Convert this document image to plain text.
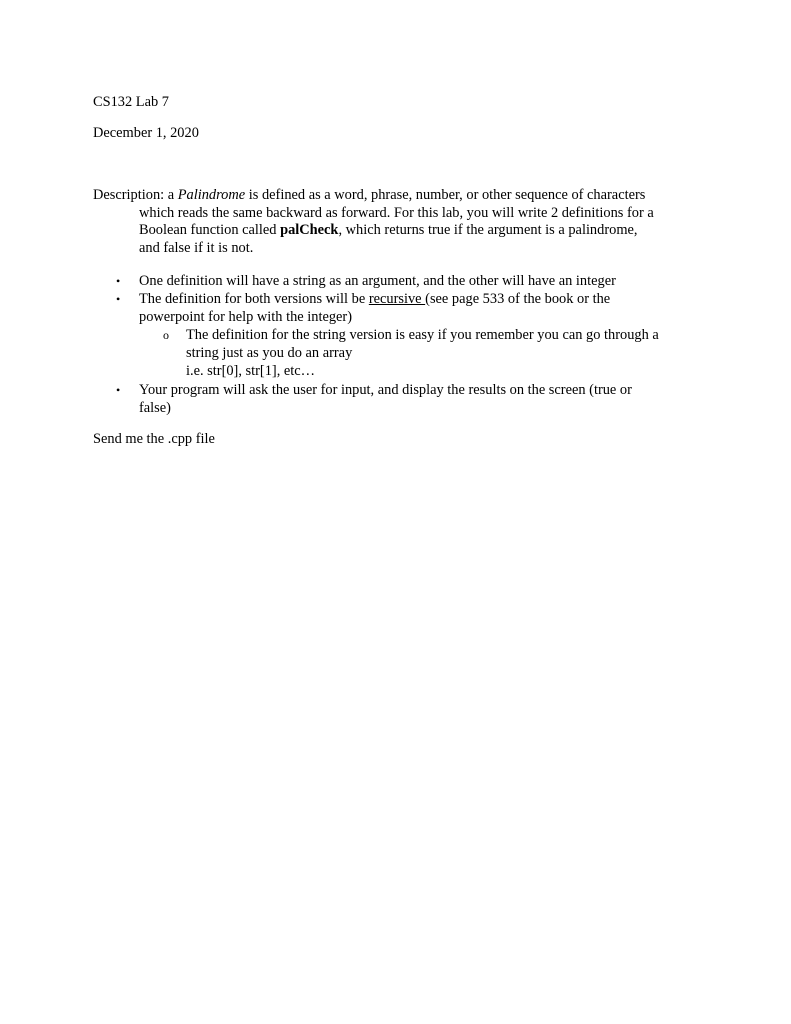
CS132 Lab 7
December 1, 2020
Description: a Palindrome is defined as a word, phrase, number, or other sequence of characters
which reads the same backward as forward. For this lab, you will write 2 definitions for a
Boolean function called palCheck, which returns true if the argument is a palindrome,
and false if it is not.
• One definition will have a string as an argument, and the other will have an integer
• The definition for both versions will be recursive (see page 533 of the book or the
powerpoint for help with the integer)
o The definition for the string version is easy if you remember you can go through a
string just as you do an array
i.e. str[0], str[1], etc…
• Your program will ask the user for input, and display the results on the screen (true or
false)
Send me the .cpp file
